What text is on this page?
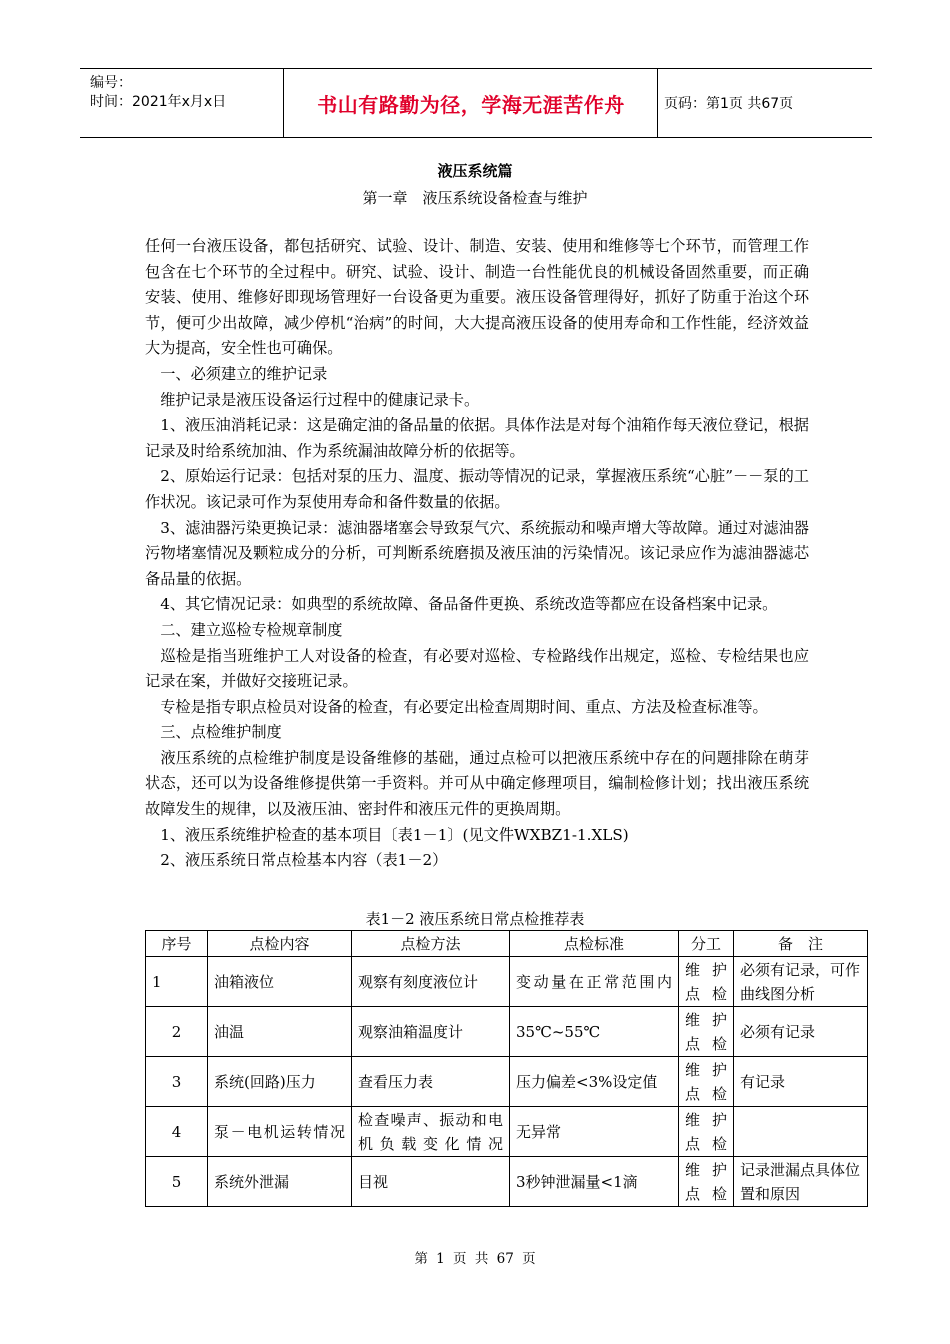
编号：
时间：2021年x月x日	书山有路勤为径，学海无涯苦作舟	页码：第1页 共67页
液压系统篇
第一章　液压系统设备检查与维护

任何一台液压设备，都包括研究、试验、设计、制造、安装、使用和维修等七个环节，而管理工作包含在七个环节的全过程中。研究、试验、设计、制造一台性能优良的机械设备固然重要，而正确安装、使用、维修好即现场管理好一台设备更为重要。液压设备管理得好，抓好了防重于治这个环节，便可少出故障，减少停机“治病”的时间，大大提高液压设备的使用寿命和工作性能，经济效益大为提高，安全性也可确保。

　一、必须建立的维护记录

　维护记录是液压设备运行过程中的健康记录卡。

　1、液压油消耗记录：这是确定油的备品量的依据。具体作法是对每个油箱作每天液位登记，根据记录及时给系统加油、作为系统漏油故障分析的依据等。

　2、原始运行记录：包括对泵的压力、温度、振动等情况的记录，掌握液压系统“心脏”－－泵的工作状况。该记录可作为泵使用寿命和备件数量的依据。

　3、滤油器污染更换记录：滤油器堵塞会导致泵气穴、系统振动和噪声增大等故障。通过对滤油器污物堵塞情况及颗粒成分的分析，可判断系统磨损及液压油的污染情况。该记录应作为滤油器滤芯备品量的依据。

　4、其它情况记录：如典型的系统故障、备品备件更换、系统改造等都应在设备档案中记录。

　二、建立巡检专检规章制度

　巡检是指当班维护工人对设备的检查，有必要对巡检、专检路线作出规定，巡检、专检结果也应记录在案，并做好交接班记录。

　专检是指专职点检员对设备的检查，有必要定出检查周期时间、重点、方法及检查标准等。

　三、点检维护制度

　液压系统的点检维护制度是设备维修的基础，通过点检可以把液压系统中存在的问题排除在萌芽状态，还可以为设备维修提供第一手资料。并可从中确定修理项目，编制检修计划；找出液压系统故障发生的规律，以及液压油、密封件和液压元件的更换周期。

　1、液压系统维护检查的基本项目〔表1－1〕(见文件WXBZ1-1.XLS)

　2、液压系统日常点检基本内容（表1－2）

表1－2 液压系统日常点检推荐表
序号	点检内容	点检方法	点检标准	分工	备　注
1	油箱液位	观察有刻度液位计	变动量在正常范围内	维护点检	必须有记录，可作曲线图分析
2	油温	观察油箱温度计	35℃~55℃	维护点检	必须有记录
3	系统(回路)压力	查看压力表	压力偏差<3%设定值	维护点检	有记录
4	泵－电机运转情况	检查噪声、振动和电机负载变化情况	无异常	维护点检	
5	系统外泄漏	目视	3秒钟泄漏量<1滴	维护点检	记录泄漏点具体位置和原因
第 1 页 共 67 页
